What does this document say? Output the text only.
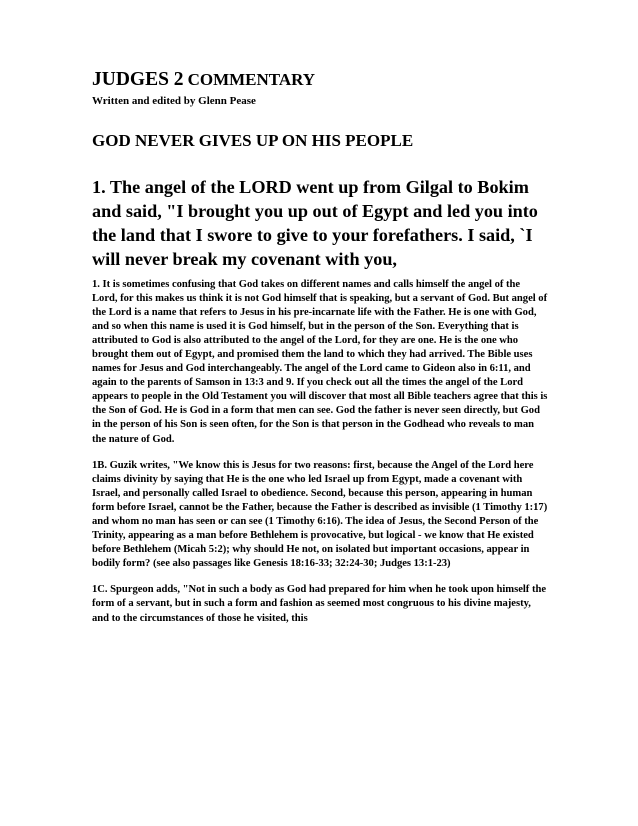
JUDGES 2 COMMENTARY

Written and edited by Glenn Pease

GOD NEVER GIVES UP ON HIS PEOPLE

1. The angel of the LORD went up from Gilgal to Bokim and said, "I brought you up out of Egypt and led you into the land that I swore to give to your forefathers. I said, `I will never break my covenant with you,

1. It is sometimes confusing that God takes on different names and calls himself the angel of the Lord, for this makes us think it is not God himself that is speaking, but a servant of God. But angel of the Lord is a name that refers to Jesus in his pre-incarnate life with the Father. He is one with God, and so when this name is used it is God himself, but in the person of the Son. Everything that is attributed to God is also attributed to the angel of the Lord, for they are one. He is the one who brought them out of Egypt, and promised them the land to which they had arrived. The Bible uses names for Jesus and God interchangeably. The angel of the Lord came to Gideon also in 6:11, and again to the parents of Samson in 13:3 and 9. If you check out all the times the angel of the Lord appears to people in the Old Testament you will discover that most all Bible teachers agree that this is the Son of God. He is God in a form that men can see. God the father is never seen directly, but God in the person of his Son is seen often, for the Son is that person in the Godhead who reveals to man the nature of God.

1B. Guzik writes, "We know this is Jesus for two reasons: first, because the Angel of the Lord here claims divinity by saying that He is the one who led Israel up from Egypt, made a covenant with Israel, and personally called Israel to obedience. Second, because this person, appearing in human form before Israel, cannot be the Father, because the Father is described as invisible (1 Timothy 1:17) and whom no man has seen or can see (1 Timothy 6:16). The idea of Jesus, the Second Person of the Trinity, appearing as a man before Bethlehem is provocative, but logical - we know that He existed before Bethlehem (Micah 5:2); why should He not, on isolated but important occasions, appear in bodily form? (see also passages like Genesis 18:16-33; 32:24-30; Judges 13:1-23)

1C. Spurgeon adds, "Not in such a body as God had prepared for him when he took upon himself the form of a servant, but in such a form and fashion as seemed most congruous to his divine majesty, and to the circumstances of those he visited, this
